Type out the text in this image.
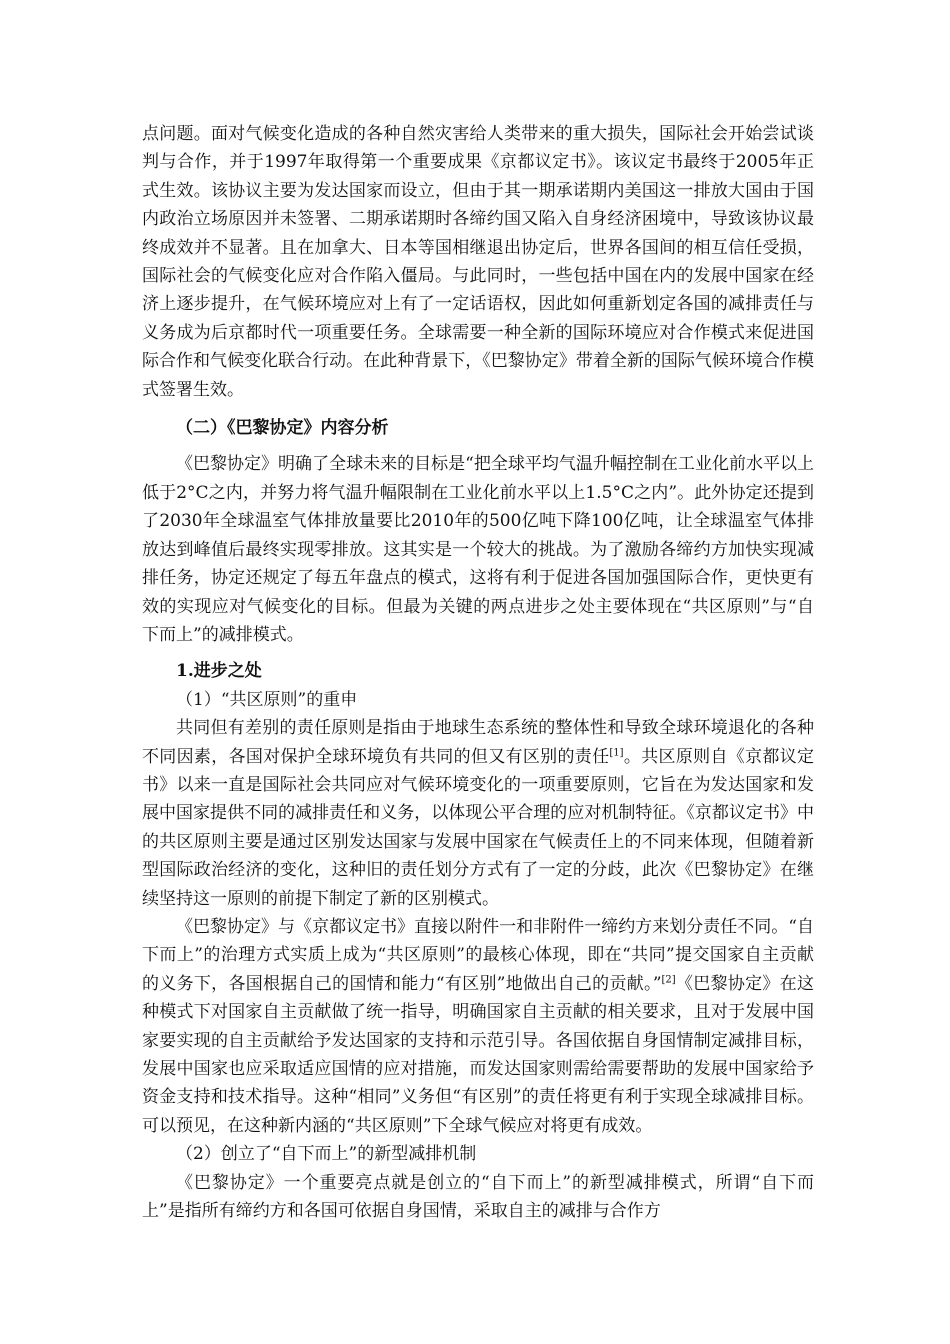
点问题。面对气候变化造成的各种自然灾害给人类带来的重大损失，国际社会开始尝试谈判与合作，并于1997年取得第一个重要成果《京都议定书》。该议定书最终于2005年正式生效。该协议主要为发达国家而设立，但由于其一期承诺期内美国这一排放大国由于国内政治立场原因并未签署、二期承诺期时各缔约国又陷入自身经济困境中，导致该协议最终成效并不显著。且在加拿大、日本等国相继退出协定后，世界各国间的相互信任受损，国际社会的气候变化应对合作陷入僵局。与此同时，一些包括中国在内的发展中国家在经济上逐步提升，在气候环境应对上有了一定话语权，因此如何重新划定各国的减排责任与义务成为后京都时代一项重要任务。全球需要一种全新的国际环境应对合作模式来促进国际合作和气候变化联合行动。在此种背景下，《巴黎协定》带着全新的国际气候环境合作模式签署生效。

（二）《巴黎协定》内容分析

《巴黎协定》明确了全球未来的目标是“把全球平均气温升幅控制在工业化前水平以上低于2°C之内，并努力将气温升幅限制在工业化前水平以上1.5°C之内”。此外协定还提到了2030年全球温室气体排放量要比2010年的500亿吨下降100亿吨，让全球温室气体排放达到峰值后最终实现零排放。这其实是一个较大的挑战。为了激励各缔约方加快实现减排任务，协定还规定了每五年盘点的模式，这将有利于促进各国加强国际合作，更快更有效的实现应对气候变化的目标。但最为关键的两点进步之处主要体现在“共区原则”与“自下而上”的减排模式。

1.进步之处

（1）“共区原则”的重申

共同但有差别的责任原则是指由于地球生态系统的整体性和导致全球环境退化的各种不同因素，各国对保护全球环境负有共同的但又有区别的责任[1]。共区原则自《京都议定书》以来一直是国际社会共同应对气候环境变化的一项重要原则，它旨在为发达国家和发展中国家提供不同的减排责任和义务，以体现公平合理的应对机制特征。《京都议定书》中的共区原则主要是通过区别发达国家与发展中国家在气候责任上的不同来体现，但随着新型国际政治经济的变化，这种旧的责任划分方式有了一定的分歧，此次《巴黎协定》在继续坚持这一原则的前提下制定了新的区别模式。

《巴黎协定》与《京都议定书》直接以附件一和非附件一缔约方来划分责任不同。“自下而上”的治理方式实质上成为“共区原则”的最核心体现，即在“共同”提交国家自主贡献的义务下，各国根据自己的国情和能力“有区别”地做出自己的贡献。”[2]《巴黎协定》在这种模式下对国家自主贡献做了统一指导，明确国家自主贡献的相关要求，且对于发展中国家要实现的自主贡献给予发达国家的支持和示范引导。各国依据自身国情制定减排目标，发展中国家也应采取适应国情的应对措施，而发达国家则需给需要帮助的发展中国家给予资金支持和技术指导。这种“相同”义务但“有区别”的责任将更有利于实现全球减排目标。可以预见，在这种新内涵的“共区原则”下全球气候应对将更有成效。

（2）创立了“自下而上”的新型减排机制

《巴黎协定》一个重要亮点就是创立的“自下而上”的新型减排模式，所谓“自下而上”是指所有缔约方和各国可依据自身国情，采取自主的减排与合作方
